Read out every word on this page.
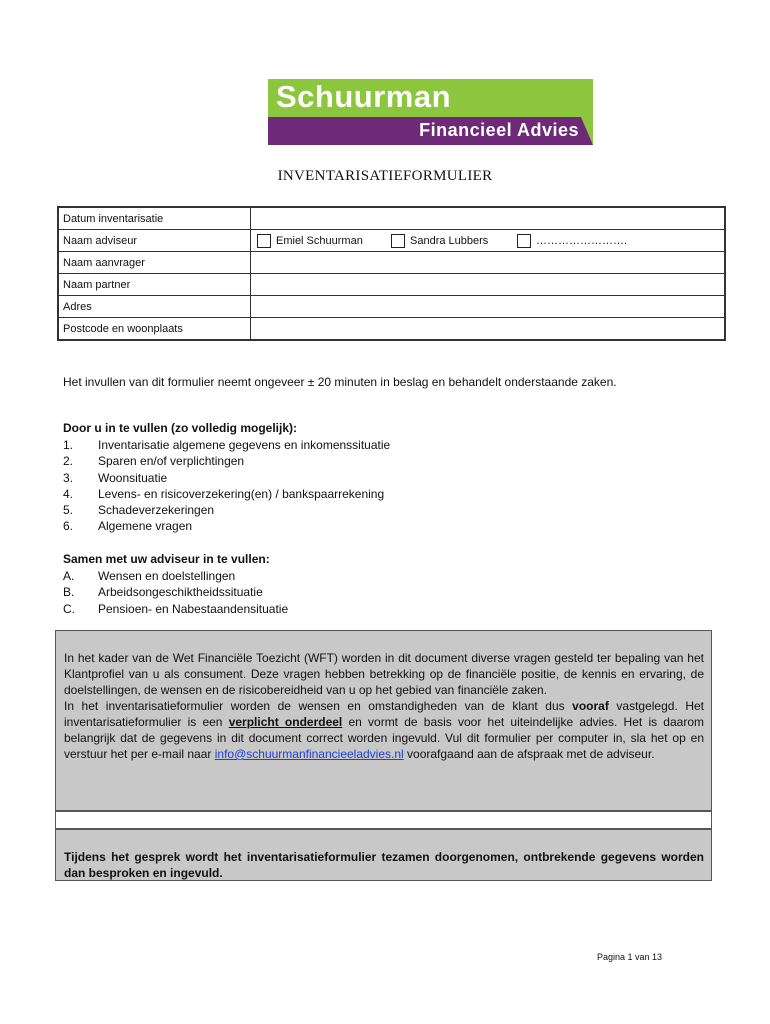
Schuurman
Financieel Advies
INVENTARISATIEFORMULIER
Datum inventarisatie	
Naam adviseur	Emiel Schuurman Sandra Lubbers …………………….

Naam aanvrager	
Naam partner	
Adres	
Postcode en woonplaats	
Het invullen van dit formulier neemt ongeveer ± 20 minuten in beslag en behandelt onderstaande zaken.
Door u in te vullen (zo volledig mogelijk):
1. Inventarisatie algemene gegevens en inkomenssituatie
2. Sparen en/of verplichtingen
3. Woonsituatie
4. Levens- en risicoverzekering(en) / bankspaarrekening
5. Schadeverzekeringen
6. Algemene vragen
Samen met uw adviseur in te vullen:
A. Wensen en doelstellingen
B. Arbeidsongeschiktheidssituatie
C. Pensioen- en Nabestaandensituatie

In het kader van de Wet Financiële Toezicht (WFT) worden in dit document diverse vragen gesteld ter bepaling van het Klantprofiel van u als consument. Deze vragen hebben betrekking op de financiële positie, de kennis en ervaring, de doelstellingen, de wensen en de risicobereidheid van u op het gebied van financiële zaken.
In het inventarisatieformulier worden de wensen en omstandigheden van de klant dus vooraf vastgelegd. Het inventarisatieformulier is een verplicht onderdeel en vormt de basis voor het uiteindelijke advies. Het is daarom belangrijk dat de gegevens in dit document correct worden ingevuld. Vul dit formulier per computer in, sla het op en verstuur het per e-mail naar info@schuurmanfinancieeladvies.nl voorafgaand aan de afspraak met de adviseur.

Tijdens het gesprek wordt het inventarisatieformulier tezamen doorgenomen, ontbrekende gegevens worden dan besproken en ingevuld.

Pagina 1 van 13
